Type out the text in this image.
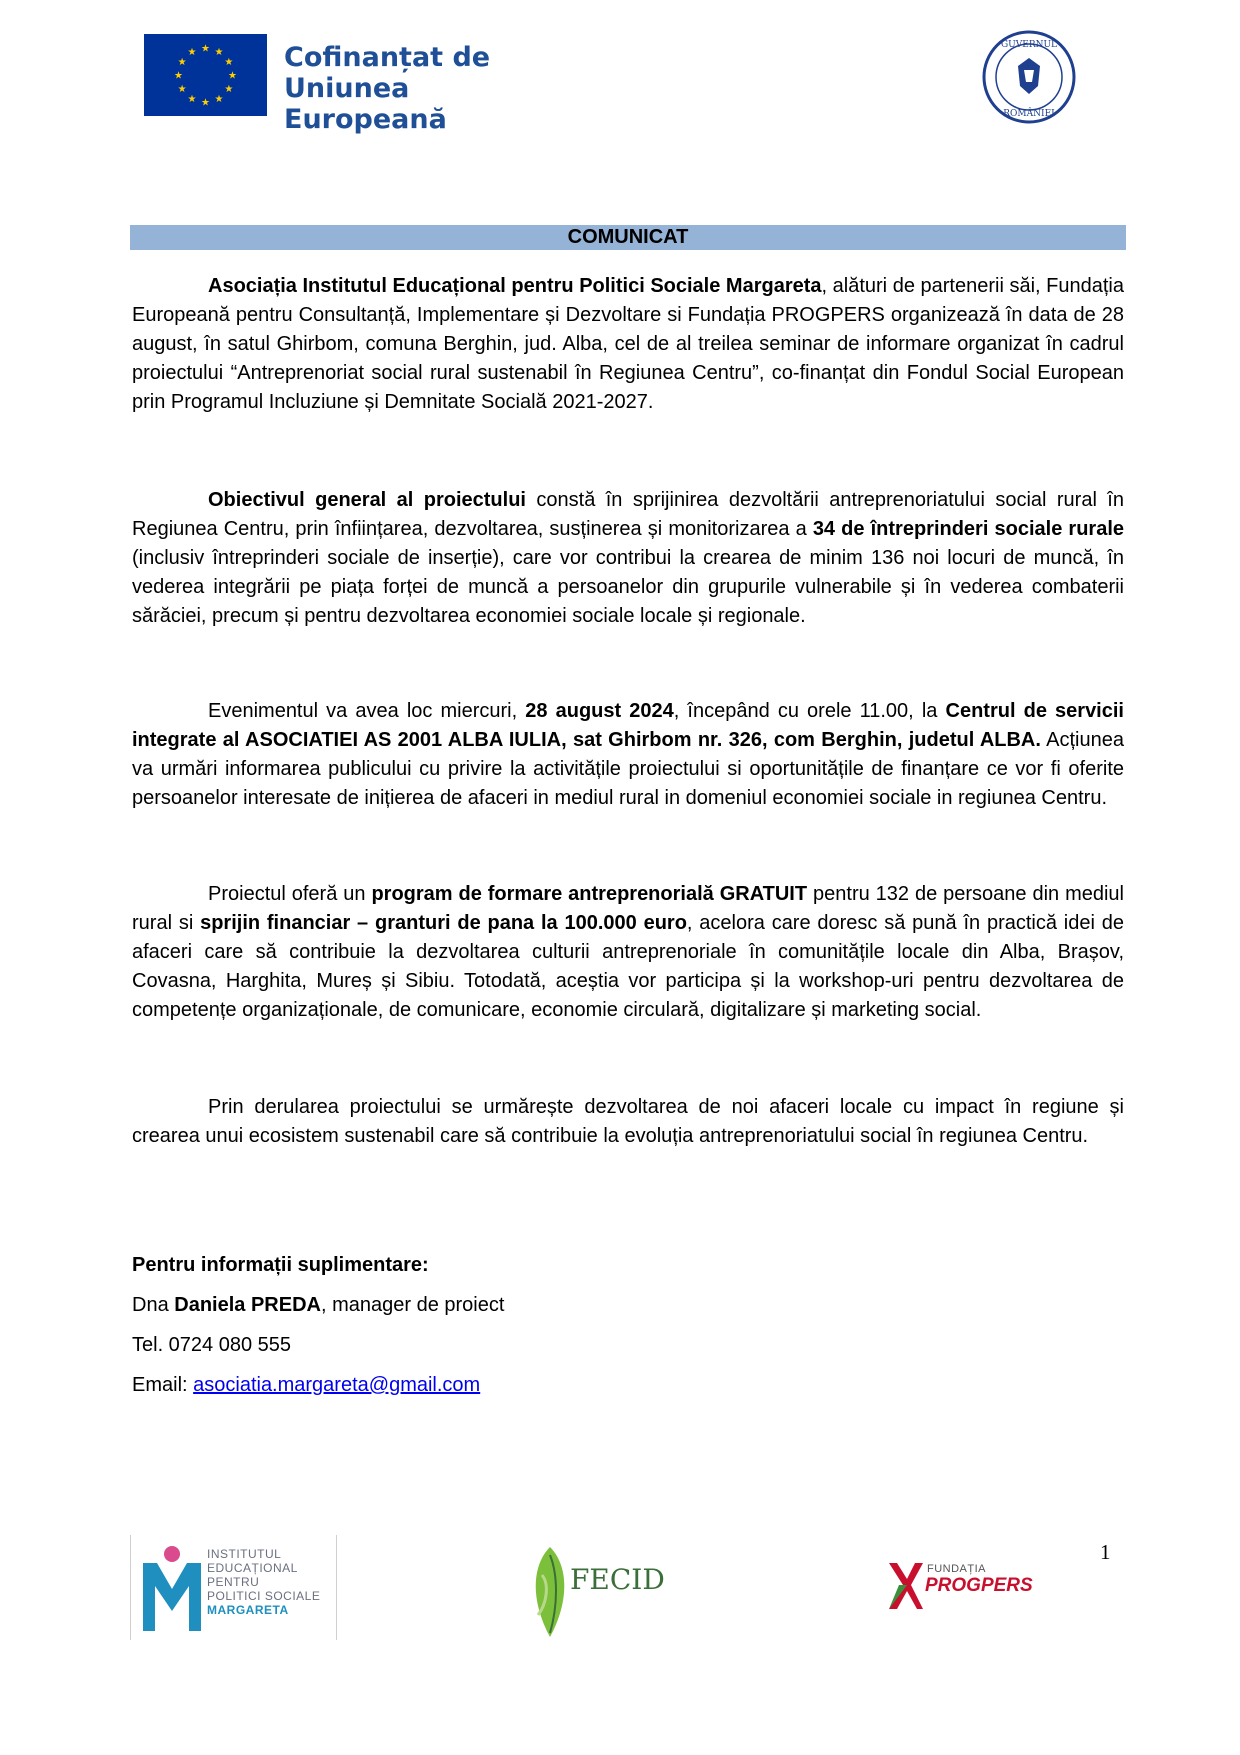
★ ★
★
★
★
★
★
★
★
★
★
★	Cofinanțat de
Uniunea Europeană
GUVERNUL
ROMÂNIEI
COMUNICAT
Asociația Institutul Educațional pentru Politici Sociale Margareta, alături de partenerii săi, Fundația Europeană pentru Consultanță, Implementare și Dezvoltare si Fundația PROGPERS organizează în data de 28 august, în satul Ghirbom, comuna Berghin, jud. Alba, cel de al treilea seminar de informare organizat în cadrul proiectului “Antreprenoriat social rural sustenabil în Regiunea Centru”, co-finanțat din Fondul Social European prin Programul Incluziune și Demnitate Socială 2021-2027.
Obiectivul general al proiectului constă în sprijinirea dezvoltării antreprenoriatului social rural în Regiunea Centru, prin înființarea, dezvoltarea, susținerea și monitorizarea a 34 de întreprinderi sociale rurale (inclusiv întreprinderi sociale de inserție), care vor contribui la crearea de minim 136 noi locuri de muncă, în vederea integrării pe piața forței de muncă a persoanelor din grupurile vulnerabile și în vederea combaterii sărăciei, precum și pentru dezvoltarea economiei sociale locale și regionale.
Evenimentul va avea loc miercuri, 28 august 2024, începând cu orele 11.00, la Centrul de servicii integrate al ASOCIATIEI AS 2001 ALBA IULIA, sat Ghirbom nr. 326, com Berghin, judetul ALBA. Acțiunea va urmări informarea publicului cu privire la activitățile proiectului si oportunitățile de finanțare ce vor fi oferite persoanelor interesate de inițierea de afaceri in mediul rural in domeniul economiei sociale in regiunea Centru.
Proiectul oferă un program de formare antreprenorială GRATUIT pentru 132 de persoane din mediul rural si sprijin financiar – granturi de pana la 100.000 euro, acelora care doresc să pună în practică idei de afaceri care să contribuie la dezvoltarea culturii antreprenoriale în comunitățile locale din Alba, Brașov, Covasna, Harghita, Mureș și Sibiu. Totodată, aceștia vor participa și la workshop-uri pentru dezvoltarea de competențe organizaționale, de comunicare, economie circulară, digitalizare și marketing social.
Prin derularea proiectului se urmărește dezvoltarea de noi afaceri locale cu impact în regiune și crearea unui ecosistem sustenabil care să contribuie la evoluția antreprenoriatului social în regiunea Centru.
Pentru informații suplimentare:
Dna Daniela PREDA, manager de proiect
Tel. 0724 080 555
Email: asociatia.margareta@gmail.com
INSTITUTUL
EDUCAȚIONAL
PENTRU
POLITICI SOCIALE
MARGARETA
FECID	FUNDAȚIA
PROGPERS
1
